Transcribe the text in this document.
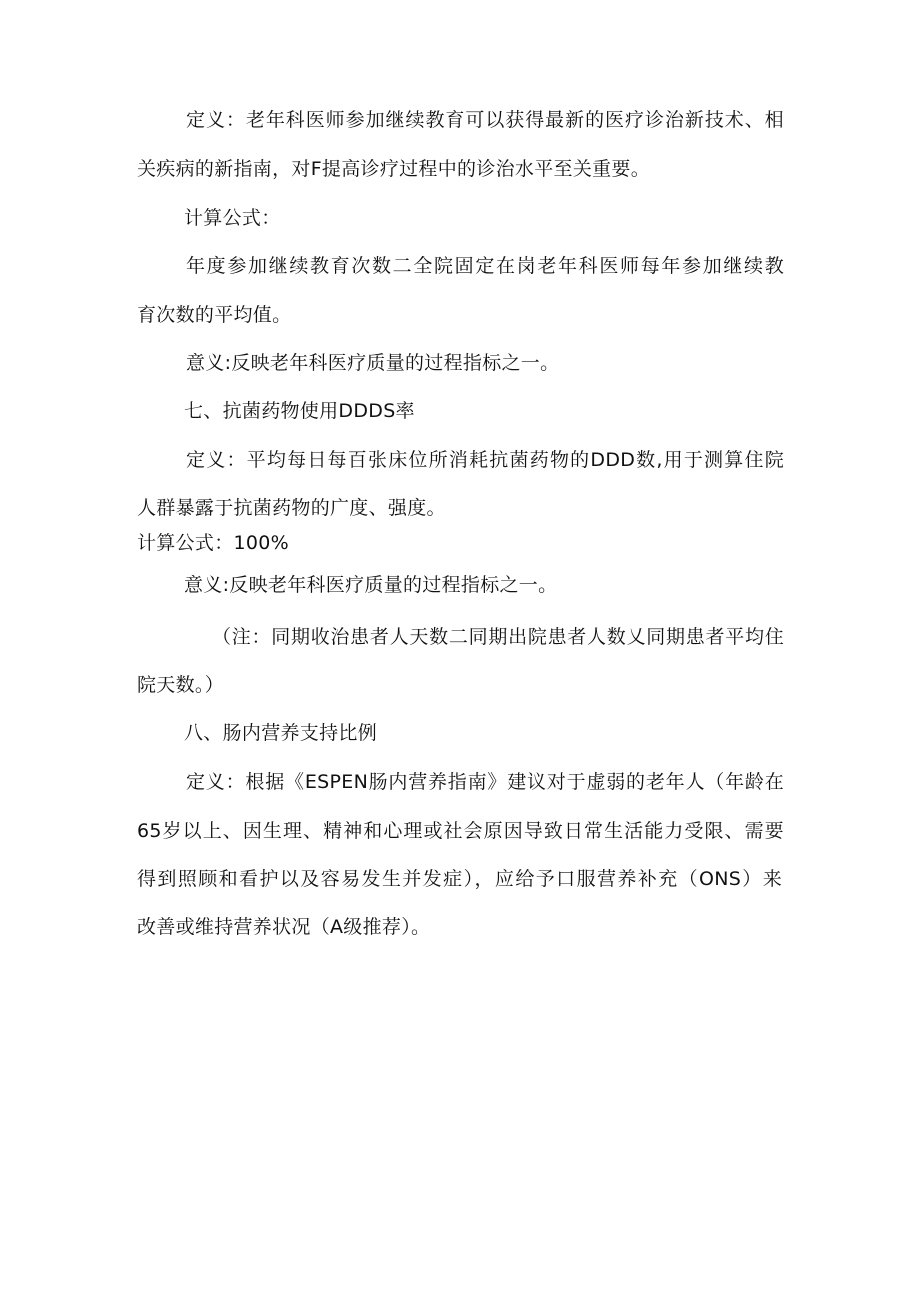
定义：老年科医师参加继续教育可以获得最新的医疗诊治新技术、相
关疾病的新指南，对F提高诊疗过程中的诊治水平至关重要。
计算公式：
年度参加继续教育次数二全院固定在岗老年科医师每年参加继续教
育次数的平均值。
意义:反映老年科医疗质量的过程指标之一。
七、抗菌药物使用DDDS率
定义：平均每日每百张床位所消耗抗菌药物的DDD数,用于测算住院
人群暴露于抗菌药物的广度、强度。
计算公式：100%
意义:反映老年科医疗质量的过程指标之一。
（注：同期收治患者人天数二同期出院患者人数乂同期患者平均住
院天数。）
八、肠内营养支持比例
定义：根据《ESPEN肠内营养指南》建议对于虚弱的老年人（年龄在
65岁以上、因生理、精神和心理或社会原因导致日常生活能力受限、需要
得到照顾和看护以及容易发生并发症），应给予口服营养补充（ONS）来
改善或维持营养状况（A级推荐）。
